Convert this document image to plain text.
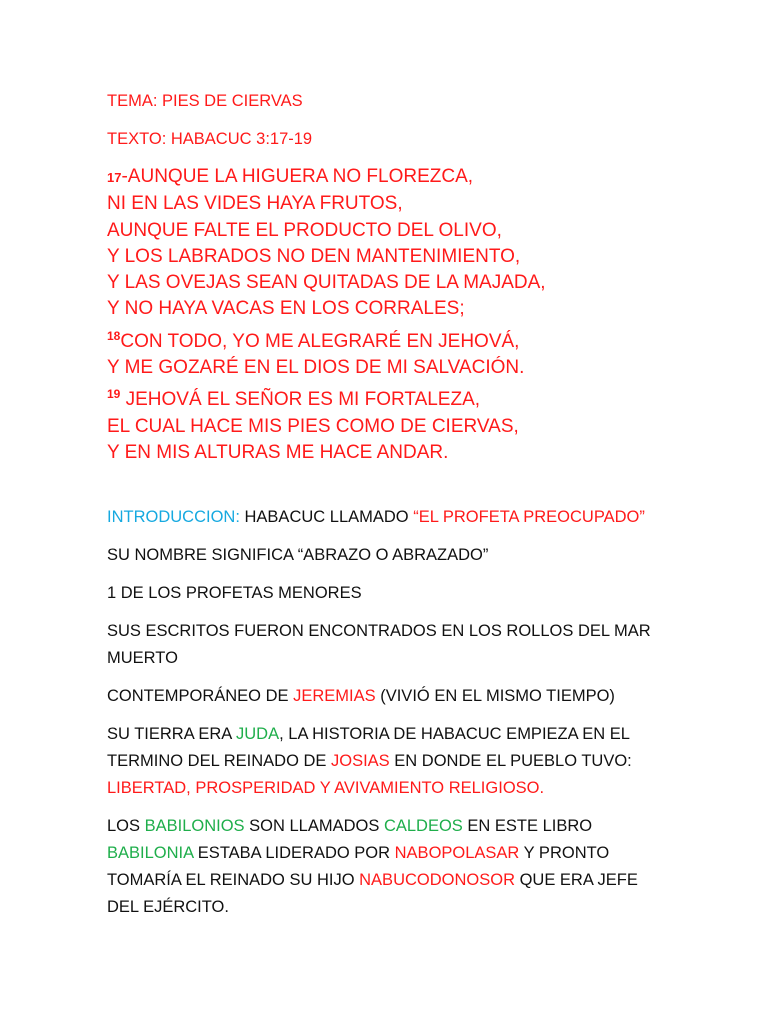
TEMA: PIES DE CIERVAS

TEXTO: HABACUC 3:17-19

17-AUNQUE LA HIGUERA NO FLOREZCA,
NI EN LAS VIDES HAYA FRUTOS,
AUNQUE FALTE EL PRODUCTO DEL OLIVO,
Y LOS LABRADOS NO DEN MANTENIMIENTO,
Y LAS OVEJAS SEAN QUITADAS DE LA MAJADA,
Y NO HAYA VACAS EN LOS CORRALES;
$^{18}$CON TODO, YO ME ALEGRARÉ EN JEHOVÁ,
Y ME GOZARÉ EN EL DIOS DE MI SALVACIÓN.
$^{19}$ JEHOVÁ EL SEÑOR ES MI FORTALEZA,
EL CUAL HACE MIS PIES COMO DE CIERVAS,
Y EN MIS ALTURAS ME HACE ANDAR.

INTRODUCCION: HABACUC LLAMADO “EL PROFETA PREOCUPADO”

SU NOMBRE SIGNIFICA “ABRAZO O ABRAZADO”

1 DE LOS PROFETAS MENORES

SUS ESCRITOS FUERON ENCONTRADOS EN LOS ROLLOS DEL MAR MUERTO

CONTEMPORÁNEO DE JEREMIAS (VIVIÓ EN EL MISMO TIEMPO)

SU TIERRA ERA JUDA, LA HISTORIA DE HABACUC EMPIEZA EN EL TERMINO DEL REINADO DE JOSIAS EN DONDE EL PUEBLO TUVO: LIBERTAD, PROSPERIDAD Y AVIVAMIENTO RELIGIOSO.

LOS BABILONIOS SON LLAMADOS CALDEOS EN ESTE LIBRO BABILONIA ESTABA LIDERADO POR NABOPOLASAR Y PRONTO TOMARÍA EL REINADO SU HIJO NABUCODONOSOR QUE ERA JEFE DEL EJÉRCITO.
